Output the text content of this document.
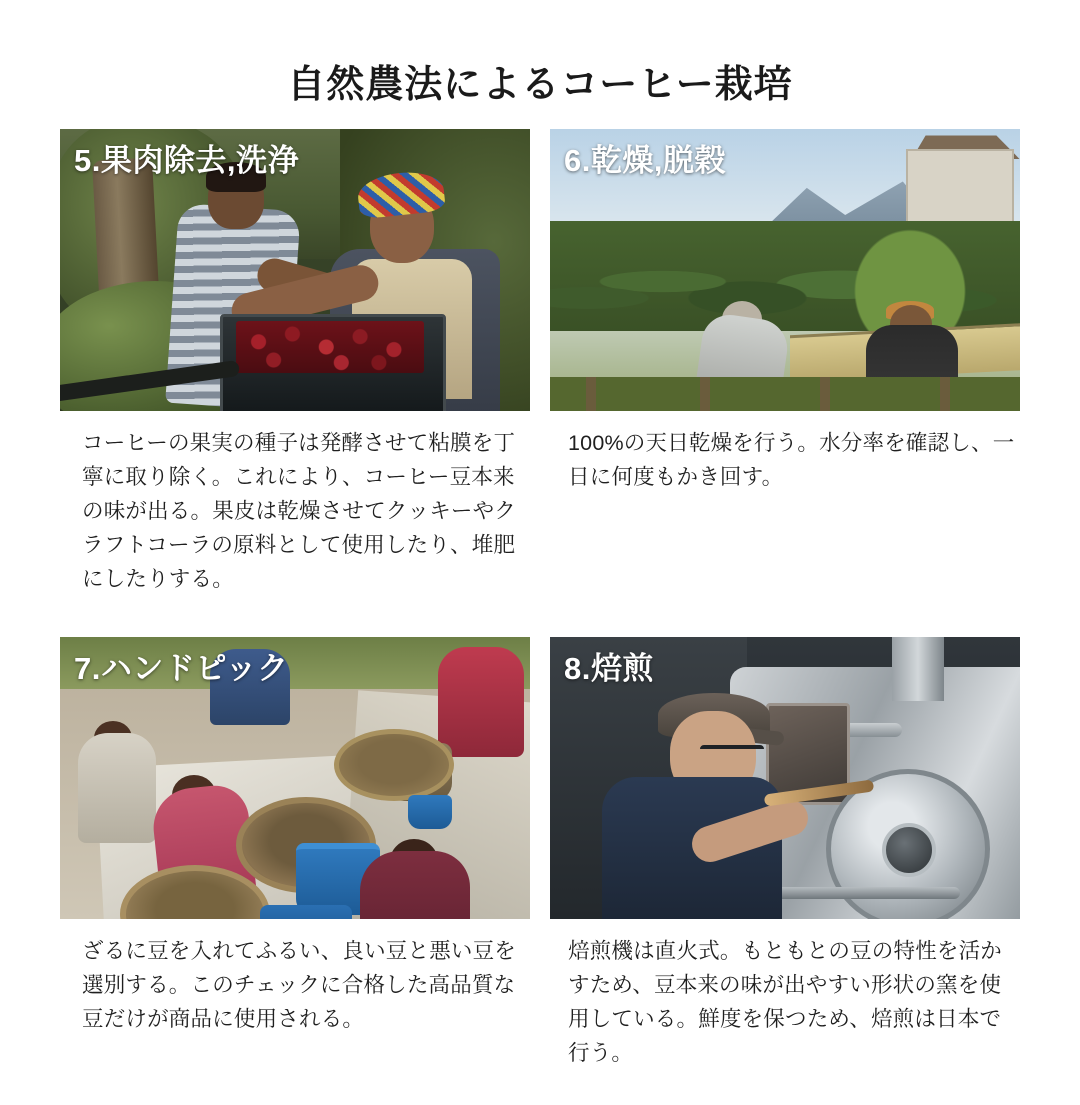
自然農法によるコーヒー栽培
5.果肉除去,洗浄

コーヒーの果実の種子は発酵させて粘膜を丁寧に取り除く。これにより、コーヒー豆本来の味が出る。果皮は乾燥させてクッキーやクラフトコーラの原料として使用したり、堆肥にしたりする。

6.乾燥,脱穀

100%の天日乾燥を行う。水分率を確認し、一日に何度もかき回す。

7.ハンドピック

ざるに豆を入れてふるい、良い豆と悪い豆を選別する。このチェックに合格した高品質な豆だけが商品に使用される。

8.焙煎

焙煎機は直火式。もともとの豆の特性を活かすため、豆本来の味が出やすい形状の窯を使用している。鮮度を保つため、焙煎は日本で行う。
